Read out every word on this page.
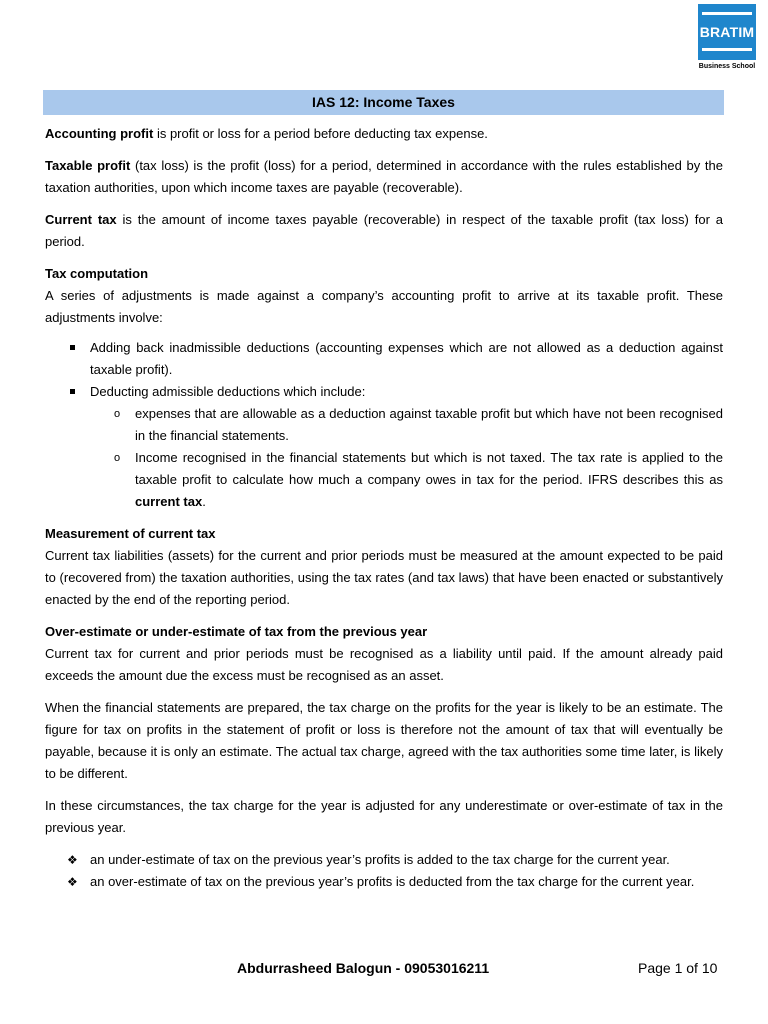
BRATIM
Business School
IAS 12: Income Taxes

Accounting profit is profit or loss for a period before deducting tax expense.

Taxable profit (tax loss) is the profit (loss) for a period, determined in accordance with the rules established by the taxation authorities, upon which income taxes are payable (recoverable).

Current tax is the amount of income taxes payable (recoverable) in respect of the taxable profit (tax loss) for a period.

Tax computation

A series of adjustments is made against a company’s accounting profit to arrive at its taxable profit. These adjustments involve:

Adding back inadmissible deductions (accounting expenses which are not allowed as a deduction against taxable profit).
Deducting admissible deductions which include:
o expenses that are allowable as a deduction against taxable profit but which have not been recognised in the financial statements.
o Income recognised in the financial statements but which is not taxed. The tax rate is applied to the taxable profit to calculate how much a company owes in tax for the period. IFRS describes this as current tax.
Measurement of current tax

Current tax liabilities (assets) for the current and prior periods must be measured at the amount expected to be paid to (recovered from) the taxation authorities, using the tax rates (and tax laws) that have been enacted or substantively enacted by the end of the reporting period.

Over-estimate or under-estimate of tax from the previous year

Current tax for current and prior periods must be recognised as a liability until paid. If the amount already paid exceeds the amount due the excess must be recognised as an asset.

When the financial statements are prepared, the tax charge on the profits for the year is likely to be an estimate. The figure for tax on profits in the statement of profit or loss is therefore not the amount of tax that will eventually be payable, because it is only an estimate. The actual tax charge, agreed with the tax authorities some time later, is likely to be different.

In these circumstances, the tax charge for the year is adjusted for any underestimate or over-estimate of tax in the previous year.

❖ an under-estimate of tax on the previous year’s profits is added to the tax charge for the current year.
❖ an over-estimate of tax on the previous year’s profits is deducted from the tax charge for the current year.
Abdurrasheed Balogun - 09053016211	Page 1 of 10
